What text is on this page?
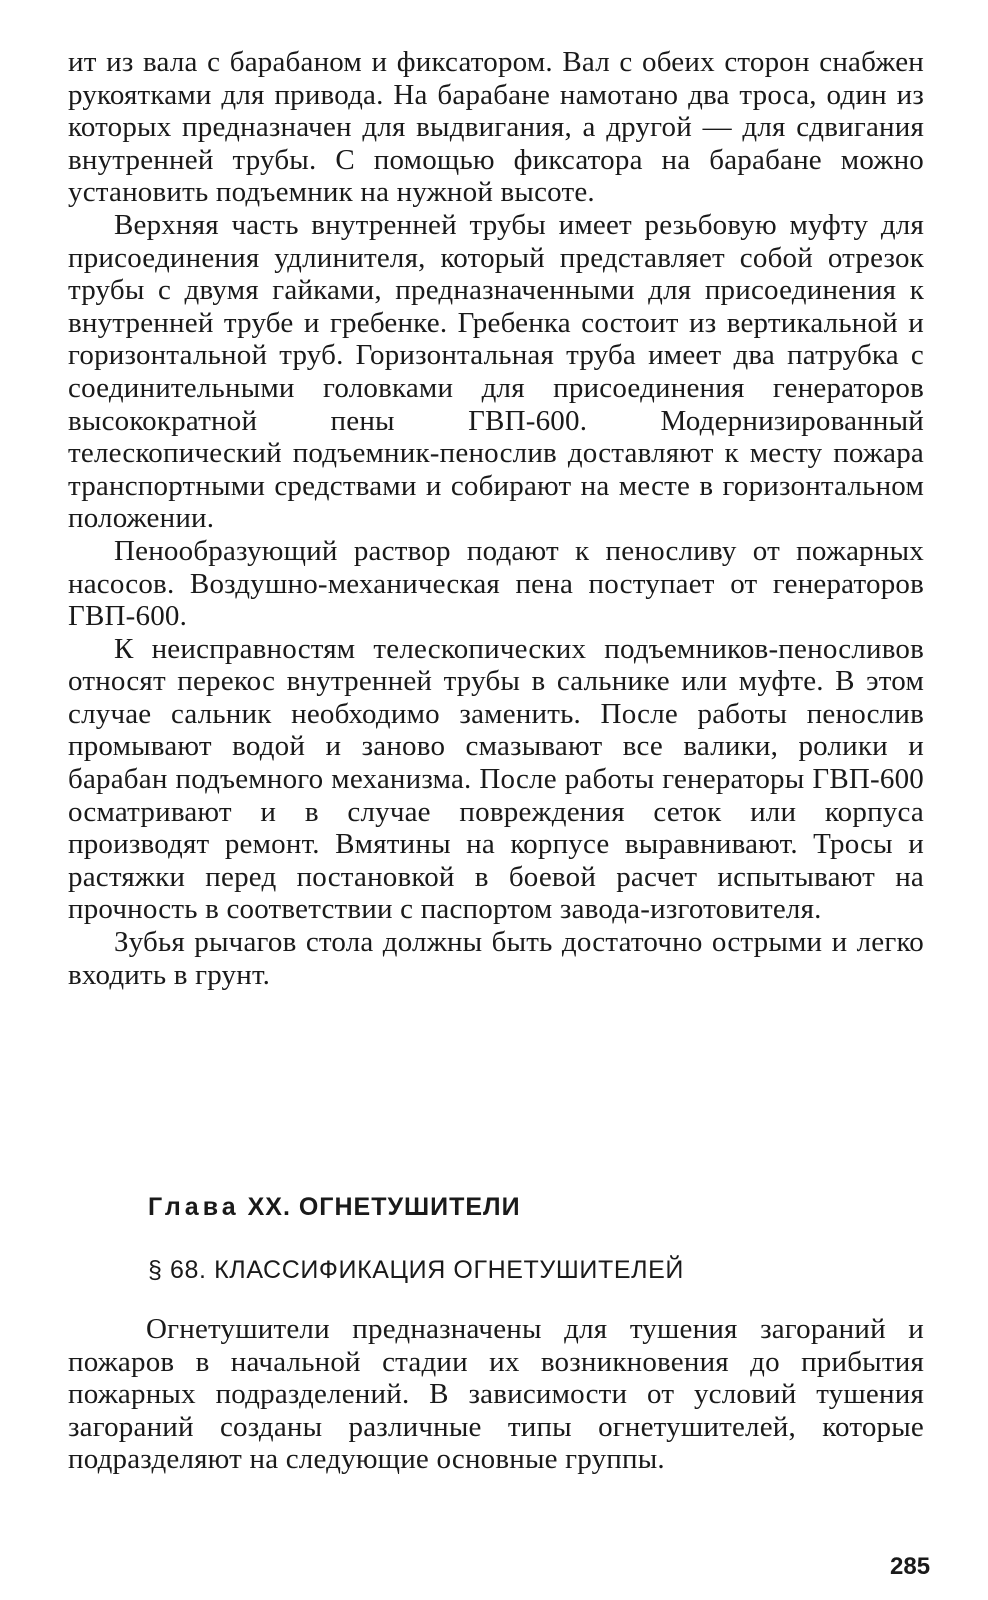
ит из вала с барабаном и фиксатором. Вал с обеих сторон снабжен рукоятками для привода. На барабане намотано два троса, один из которых предназначен для выдвигания, а другой — для сдвигания внутренней трубы. С помощью фиксатора на барабане можно установить подъемник на нужной высоте.

Верхняя часть внутренней трубы имеет резьбовую муфту для присоединения удлинителя, который представляет собой отрезок трубы с двумя гайками, предназначенными для присоединения к внутренней трубе и гребенке. Гребенка состоит из вертикальной и горизонтальной труб. Горизонтальная труба имеет два патрубка с соединительными головками для присоединения генераторов высокократной пены ГВП-600. Модернизированный телескопический подъемник-пенослив доставляют к месту пожара транспортными средствами и собирают на месте в горизонтальном положении.

Пенообразующий раствор подают к пеносливу от пожарных насосов. Воздушно-механическая пена поступает от генераторов ГВП-600.

К неисправностям телескопических подъемников-пеносливов относят перекос внутренней трубы в сальнике или муфте. В этом случае сальник необходимо заменить. После работы пенослив промывают водой и заново смазывают все валики, ролики и барабан подъемного механизма. После работы генераторы ГВП-600 осматривают и в случае повреждения сеток или корпуса производят ремонт. Вмятины на корпусе выравнивают. Тросы и растяжки перед постановкой в боевой расчет испытывают на прочность в соответствии с паспортом завода-изготовителя.

Зубья рычагов стола должны быть достаточно острыми и легко входить в грунт.

Глава XX. ОГНЕТУШИТЕЛИ
§ 68. КЛАССИФИКАЦИЯ ОГНЕТУШИТЕЛЕЙ

Огнетушители предназначены для тушения загораний и пожаров в начальной стадии их возникновения до прибытия пожарных подразделений. В зависимости от условий тушения загораний созданы различные типы огнетушителей, которые подразделяют на следующие основные группы.

285
